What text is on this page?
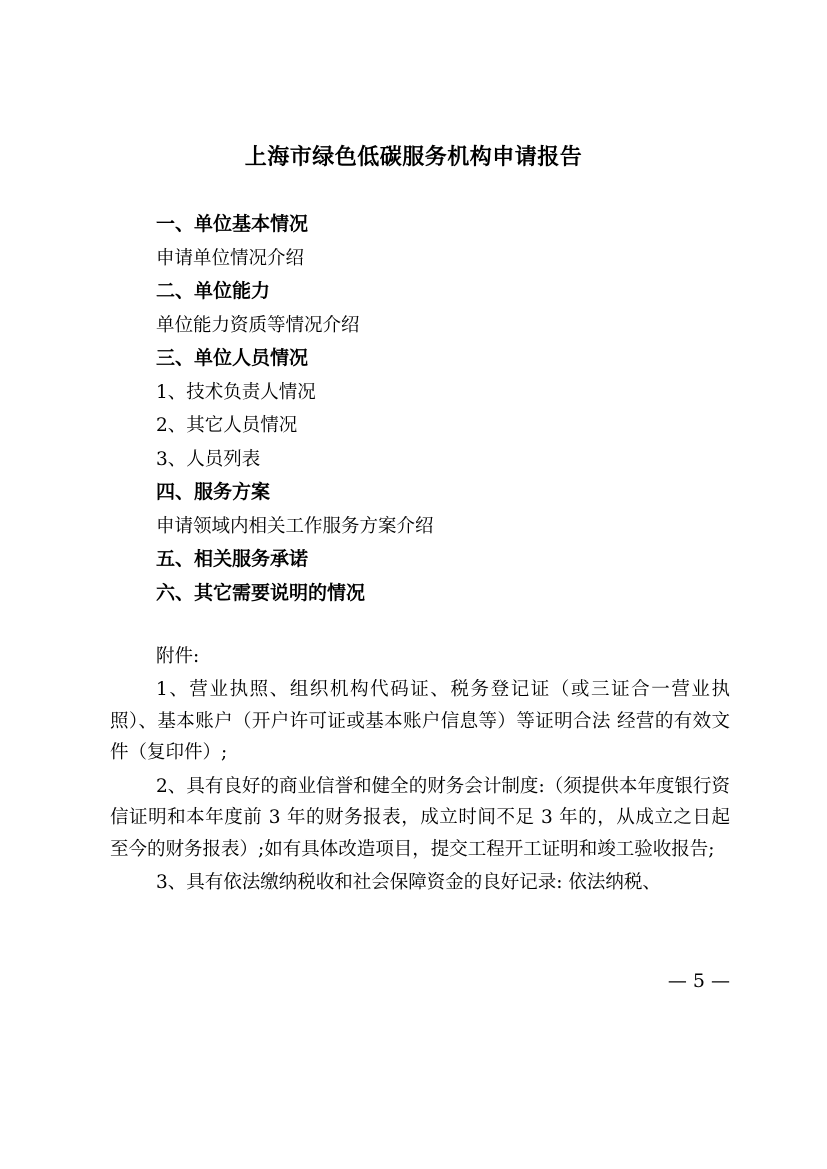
上海市绿色低碳服务机构申请报告
一、单位基本情况
申请单位情况介绍
二、单位能力
单位能力资质等情况介绍
三、单位人员情况
1、技术负责人情况
2、其它人员情况
3、人员列表
四、服务方案
申请领域内相关工作服务方案介绍
五、相关服务承诺
六、其它需要说明的情况
附件:

1、营业执照、组织机构代码证、税务登记证（或三证合一营业执照）、基本账户（开户许可证或基本账户信息等）等证明合法 经营的有效文件（复印件）;

2、具有良好的商业信誉和健全的财务会计制度:（须提供本年度银行资信证明和本年度前 3 年的财务报表，成立时间不足 3 年的，从成立之日起至今的财务报表）;如有具体改造项目，提交工程开工证明和竣工验收报告;

3、具有依法缴纳税收和社会保障资金的良好记录: 依法纳税、

— 5 —
